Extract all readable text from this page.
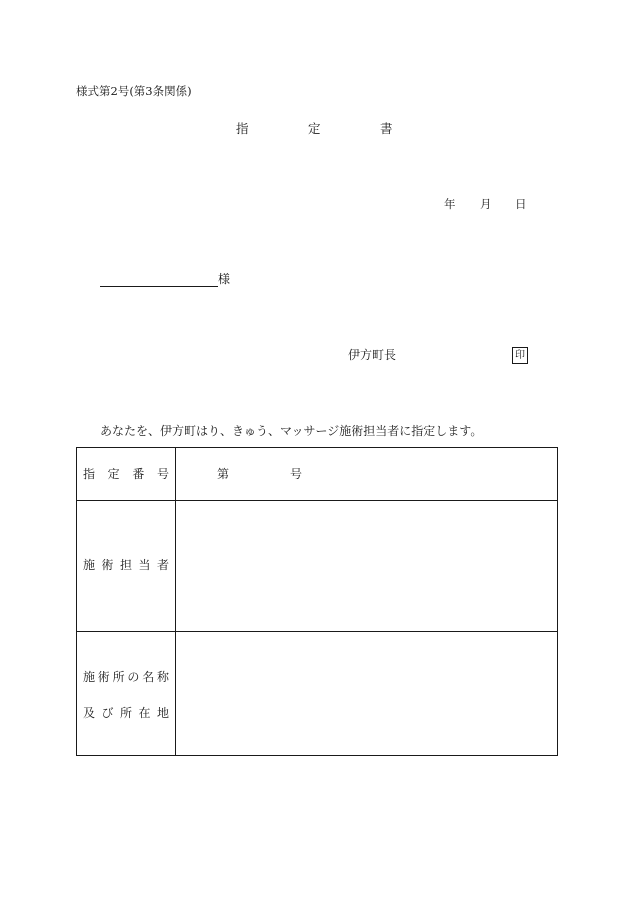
様式第2号(第3条関係)
指	定	書
年 月 日
様
伊方町長	印
あなたを、伊方町はり、きゅう、マッサージ施術担当者に指定します。
指 定 番 号	第	号
施 術 担 当 者
施 術 所 の 名 称
及 び 所 在 地
